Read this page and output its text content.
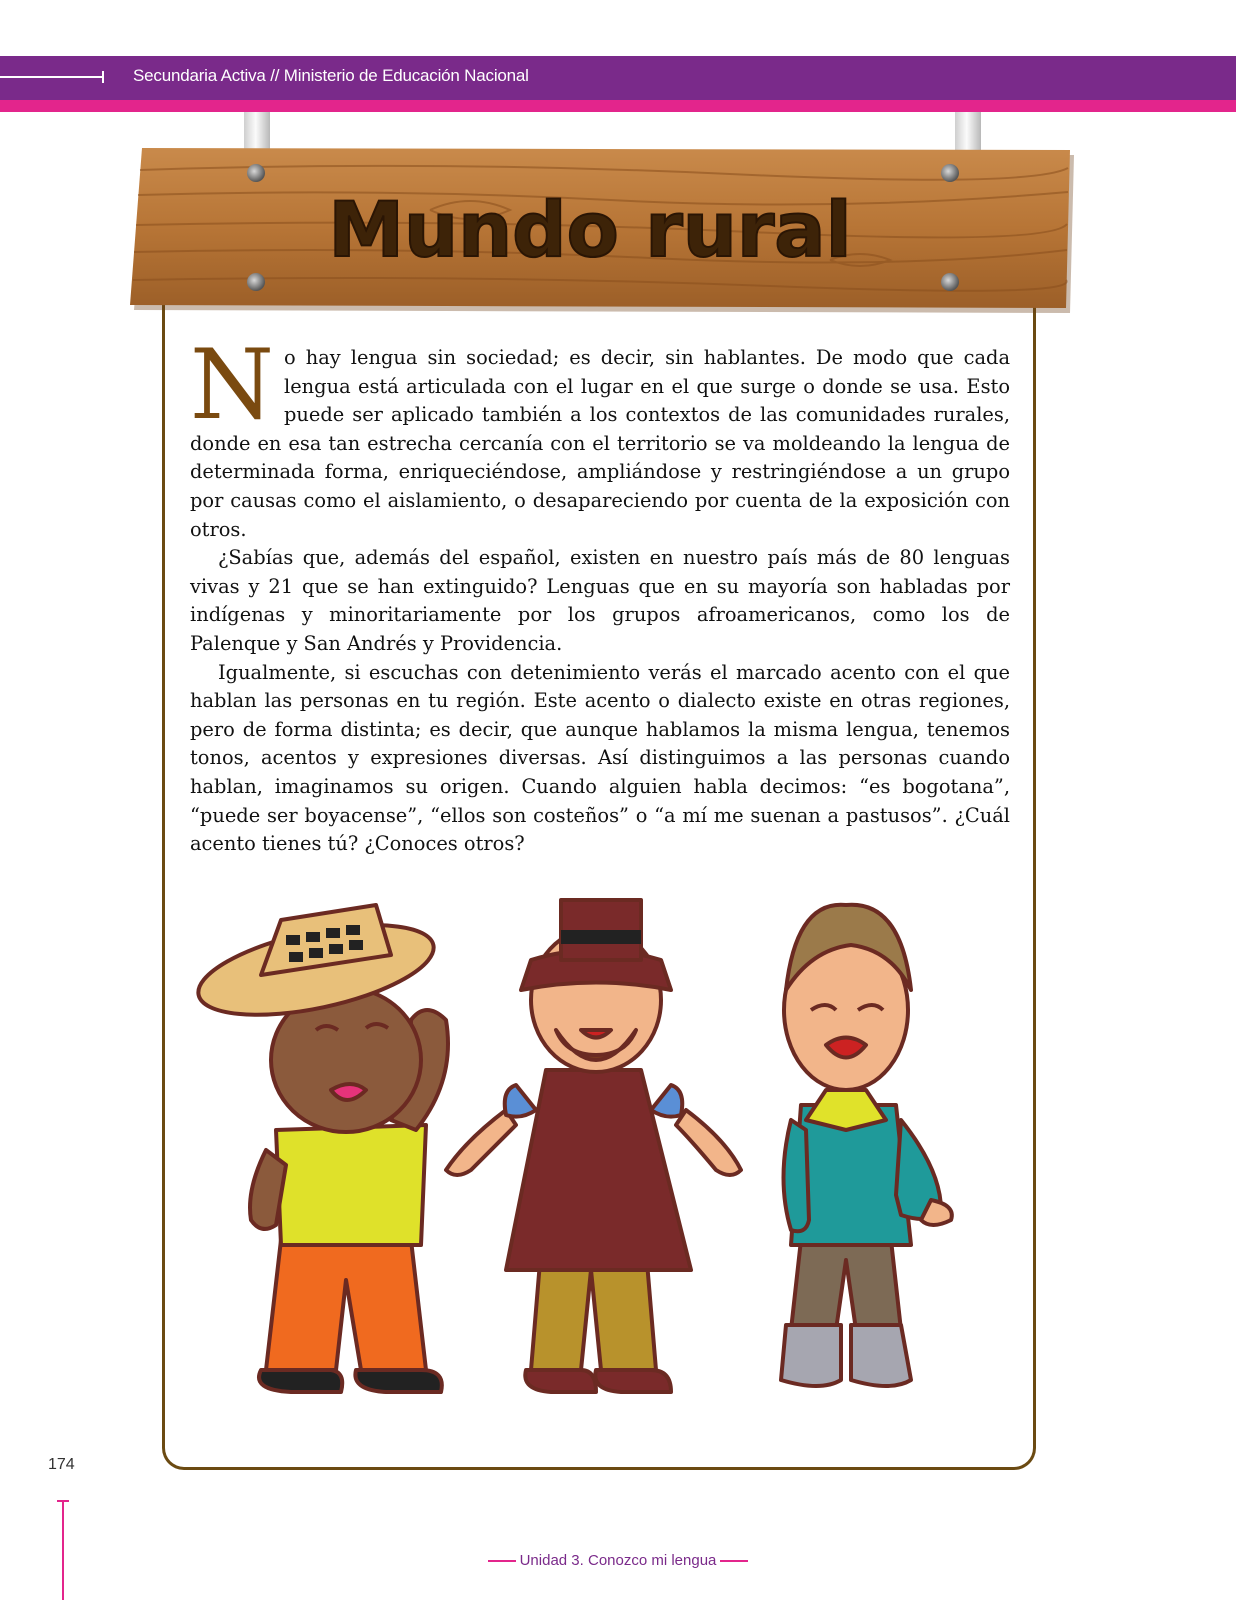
Secundaria Activa // Ministerio de Educación Nacional
Mundo rural

No hay lengua sin sociedad; es decir, sin hablantes. De modo que cada lengua está articulada con el lugar en el que surge o donde se usa. Esto puede ser aplicado también a los contextos de las comunidades rurales, donde en esa tan estrecha cercanía con el territorio se va moldeando la lengua de determinada forma, enriqueciéndose, ampliándose y restringiéndose a un grupo por causas como el aislamiento, o desapareciendo por cuenta de la exposición con otros.

¿Sabías que, además del español, existen en nuestro país más de 80 lenguas vivas y 21 que se han extinguido? Lenguas que en su mayoría son habladas por indígenas y minoritariamente por los grupos afroamericanos, como los de Palenque y San Andrés y Providencia.

Igualmente, si escuchas con detenimiento verás el marcado acento con el que hablan las personas en tu región. Este acento o dialecto existe en otras regiones, pero de forma distinta; es decir, que aunque hablamos la misma lengua, tenemos tonos, acentos y expresiones diversas. Así distinguimos a las personas cuando hablan, imaginamos su origen. Cuando alguien habla decimos: “es bogotana”, “puede ser boyacense”, “ellos son costeños” o “a mí me suenan a pastusos”. ¿Cuál acento tienes tú? ¿Conoces otros?

174
Unidad 3. Conozco mi lengua
